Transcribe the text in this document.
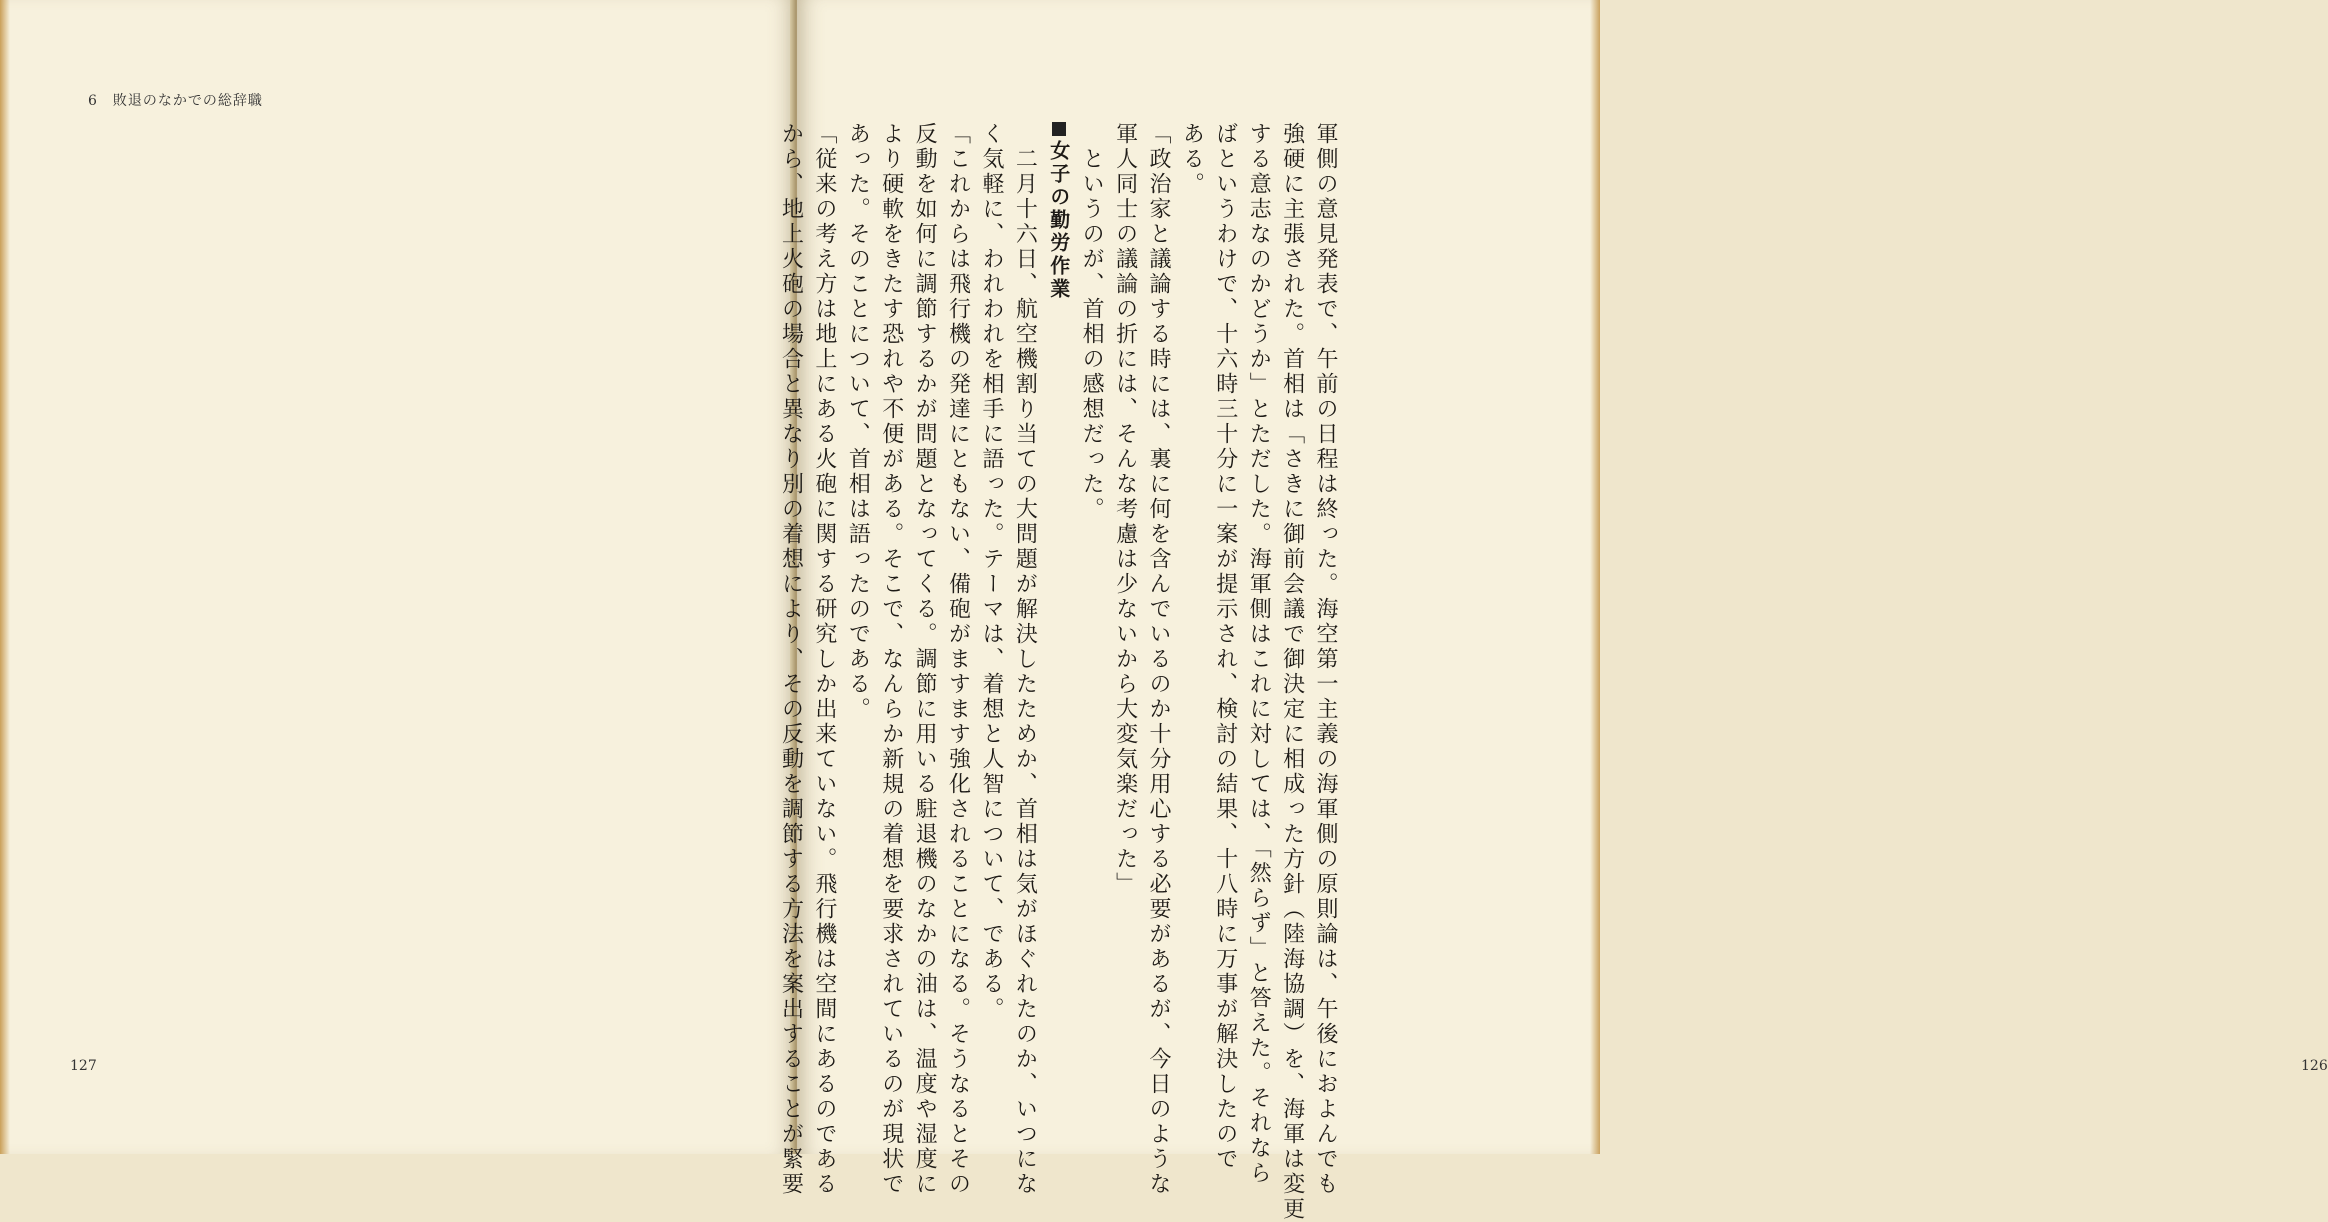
6　敗退のなかでの総辞職
127	軍側の意見発表で、午前の日程は終った。海空第一主義の海軍側の原則論は、午後におよんでも
強硬に主張された。首相は「さきに御前会議で御決定に相成った方針（陸海協調）を、海軍は変更
する意志なのかどうか」とただした。海軍側はこれに対しては、「然らず」と答えた。それなら
ばというわけで、十六時三十分に一案が提示され、検討の結果、十八時に万事が解決したので
ある。
「政治家と議論する時には、裏に何を含んでいるのか十分用心する必要があるが、今日のような
軍人同士の議論の折には、そんな考慮は少ないから大変気楽だった」
　というのが、首相の感想だった。
女子の勤労作業
　二月十六日、航空機割り当ての大問題が解決したためか、首相は気がほぐれたのか、いつにな
く気軽に、われわれを相手に語った。テーマは、着想と人智について、である。
「これからは飛行機の発達にともない、備砲がますます強化されることになる。そうなるとその
反動を如何に調節するかが問題となってくる。調節に用いる駐退機のなかの油は、温度や湿度に
より硬軟をきたす恐れや不便がある。そこで、なんらか新規の着想を要求されているのが現状で
あった。そのことについて、首相は語ったのである。
「従来の考え方は地上にある火砲に関する研究しか出来ていない。飛行機は空間にあるのである
から、地上火砲の場合と異なり別の着想により、その反動を調節する方法を案出することが緊要	126
